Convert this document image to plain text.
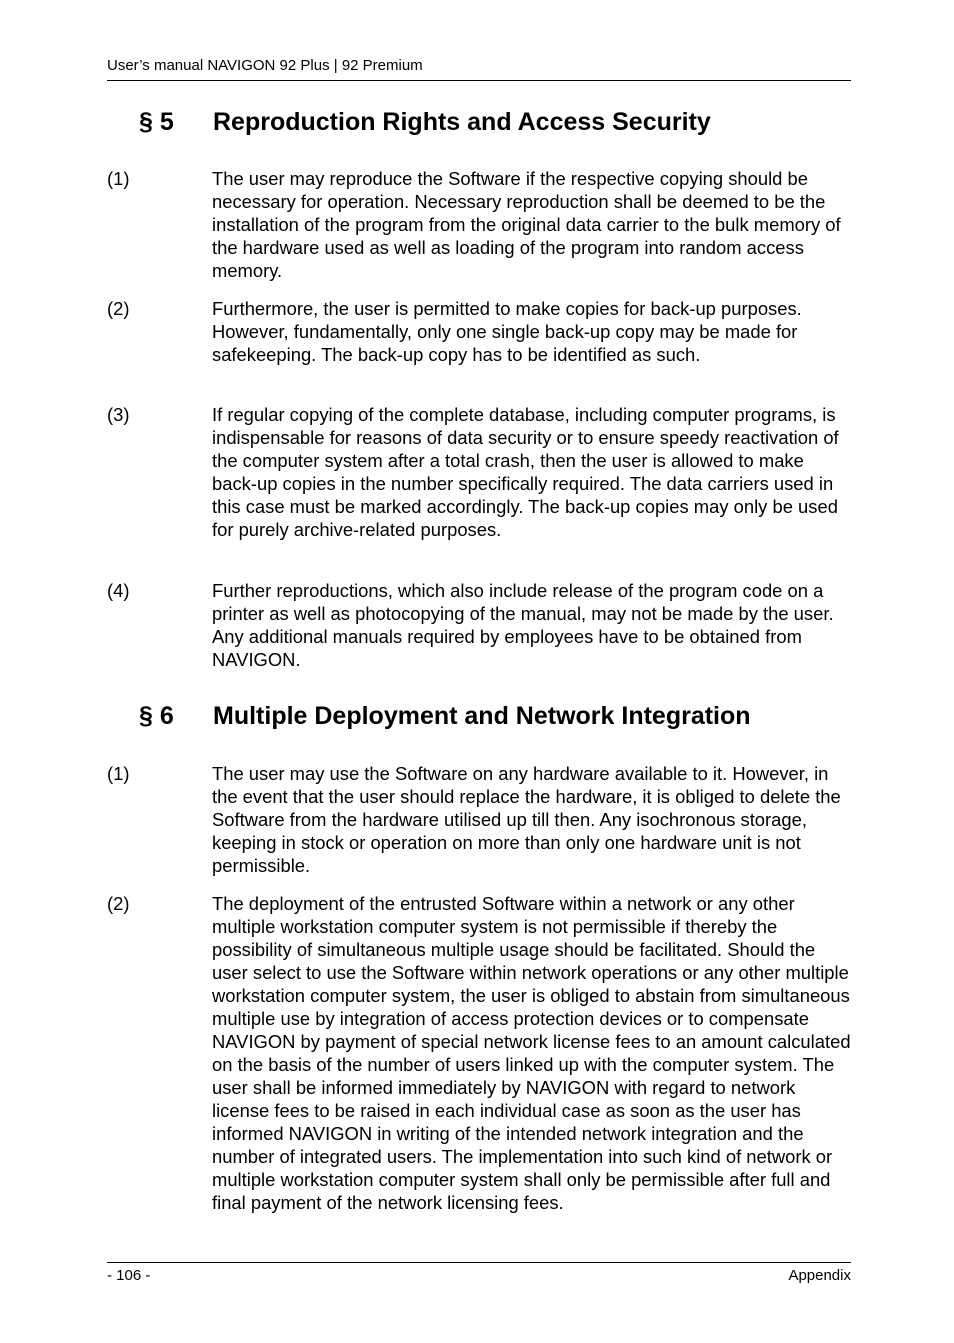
User’s manual NAVIGON 92 Plus | 92 Premium
§ 5 Reproduction Rights and Access Security
(1)	The user may reproduce the Software if the respective copying should be necessary for operation. Necessary reproduction shall be deemed to be the installation of the program from the original data carrier to the bulk memory of the hardware used as well as loading of the program into random access memory.
(2)	Furthermore, the user is permitted to make copies for back-up purposes. However, fundamentally, only one single back-up copy may be made for safekeeping. The back-up copy has to be identified as such.
(3)	If regular copying of the complete database, including computer programs, is indispensable for reasons of data security or to ensure speedy reactivation of the computer system after a total crash, then the user is allowed to make back-up copies in the number specifically required. The data carriers used in this case must be marked accordingly. The back-up copies may only be used for purely archive-related purposes.
(4)	Further reproductions, which also include release of the program code on a printer as well as photocopying of the manual, may not be made by the user. Any additional manuals required by employees have to be obtained from NAVIGON.
§ 6 Multiple Deployment and Network Integration
(1)	The user may use the Software on any hardware available to it. However, in the event that the user should replace the hardware, it is obliged to delete the Software from the hardware utilised up till then. Any isochronous storage, keeping in stock or operation on more than only one hardware unit is not permissible.
(2)	The deployment of the entrusted Software within a network or any other multiple workstation computer system is not permissible if thereby the possibility of simultaneous multiple usage should be facilitated. Should the user select to use the Software within network operations or any other multiple workstation computer system, the user is obliged to abstain from simultaneous multiple use by integration of access protection devices or to compensate NAVIGON by payment of special network license fees to an amount calculated on the basis of the number of users linked up with the computer system. The user shall be informed immediately by NAVIGON with regard to network license fees to be raised in each individual case as soon as the user has informed NAVIGON in writing of the intended network integration and the number of integrated users. The implementation into such kind of network or multiple workstation computer system shall only be permissible after full and final payment of the network licensing fees.
- 106 -	Appendix
